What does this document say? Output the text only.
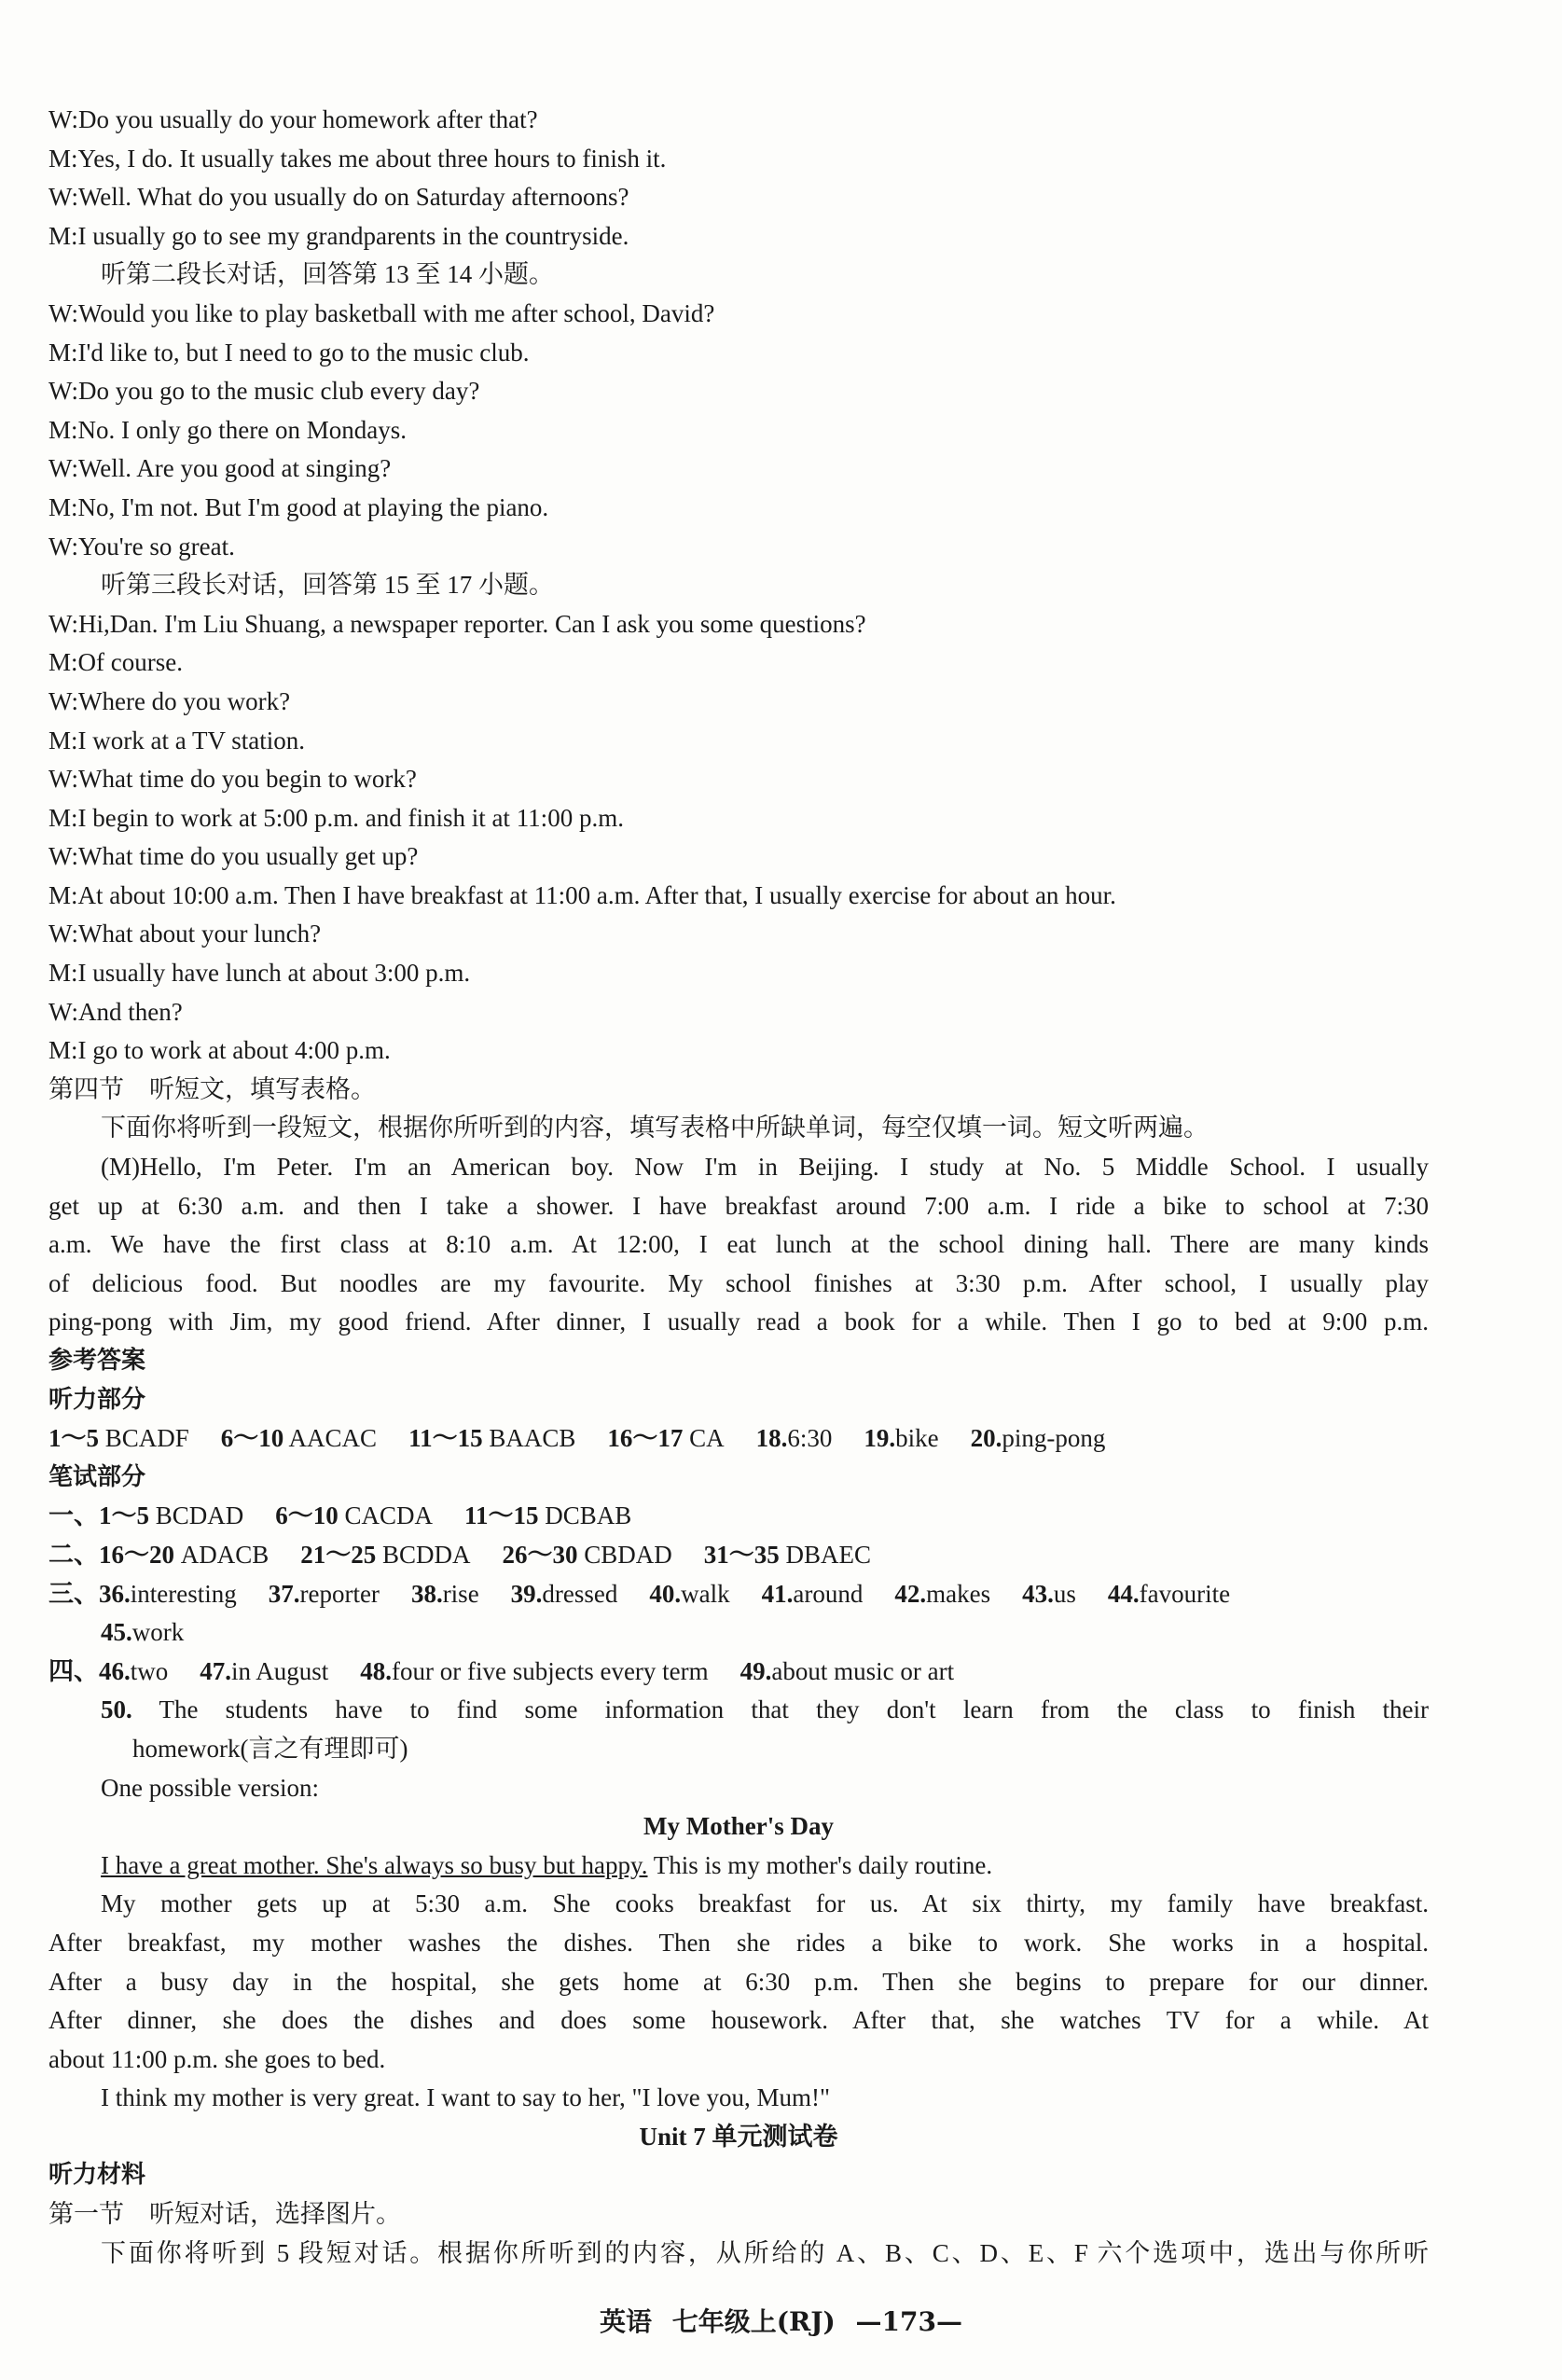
W:Do you usually do your homework after that?
M:Yes, I do. It usually takes me about three hours to finish it.
W:Well. What do you usually do on Saturday afternoons?
M:I usually go to see my grandparents in the countryside.
听第二段长对话，回答第 13 至 14 小题。
W:Would you like to play basketball with me after school, David?
M:I'd like to, but I need to go to the music club.
W:Do you go to the music club every day?
M:No. I only go there on Mondays.
W:Well. Are you good at singing?
M:No, I'm not. But I'm good at playing the piano.
W:You're so great.
听第三段长对话，回答第 15 至 17 小题。
W:Hi,Dan. I'm Liu Shuang, a newspaper reporter. Can I ask you some questions?
M:Of course.
W:Where do you work?
M:I work at a TV station.
W:What time do you begin to work?
M:I begin to work at 5:00 p.m. and finish it at 11:00 p.m.
W:What time do you usually get up?
M:At about 10:00 a.m. Then I have breakfast at 11:00 a.m. After that, I usually exercise for about an hour.
W:What about your lunch?
M:I usually have lunch at about 3:00 p.m.
W:And then?
M:I go to work at about 4:00 p.m.
第四节　听短文，填写表格。
下面你将听到一段短文，根据你所听到的内容，填写表格中所缺单词，每空仅填一词。短文听两遍。
(M)Hello, I'm Peter. I'm an American boy. Now I'm in Beijing. I study at No. 5 Middle School. I usually
get up at 6:30 a.m. and then I take a shower. I have breakfast around 7:00 a.m. I ride a bike to school at 7:30
a.m. We have the first class at 8:10 a.m. At 12:00, I eat lunch at the school dining hall. There are many kinds
of delicious food. But noodles are my favourite. My school finishes at 3:30 p.m. After school, I usually play
ping-pong with Jim, my good friend. After dinner, I usually read a book for a while. Then I go to bed at 9:00 p.m.
参考答案
听力部分
1～5 BCADF 6～10 AACAC 11～15 BAACB 16～17 CA 18.6:30 19.bike 20.ping-pong
笔试部分
一、1～5 BCDAD 6～10 CACDA 11～15 DCBAB
二、16～20 ADACB 21～25 BCDDA 26～30 CBDAD 31～35 DBAEC
三、36.interesting 37.reporter 38.rise 39.dressed 40.walk 41.around 42.makes 43.us 44.favourite
45.work
四、46.two 47.in August 48.four or five subjects every term 49.about music or art
50. The students have to find some information that they don't learn from the class to finish their
homework(言之有理即可)
One possible version:
My Mother's Day
I have a great mother. She's always so busy but happy. This is my mother's daily routine.
My mother gets up at 5:30 a.m. She cooks breakfast for us. At six thirty, my family have breakfast.
After breakfast, my mother washes the dishes. Then she rides a bike to work. She works in a hospital.
After a busy day in the hospital, she gets home at 6:30 p.m. Then she begins to prepare for our dinner.
After dinner, she does the dishes and does some housework. After that, she watches TV for a while. At
about 11:00 p.m. she goes to bed.
I think my mother is very great. I want to say to her, "I love you, Mum!"
Unit 7 单元测试卷
听力材料
第一节　听短对话，选择图片。
下面你将听到 5 段短对话。根据你所听到的内容，从所给的 A、B、C、D、E、F 六个选项中，选出与你所听
英语 七年级上(RJ) —173—
